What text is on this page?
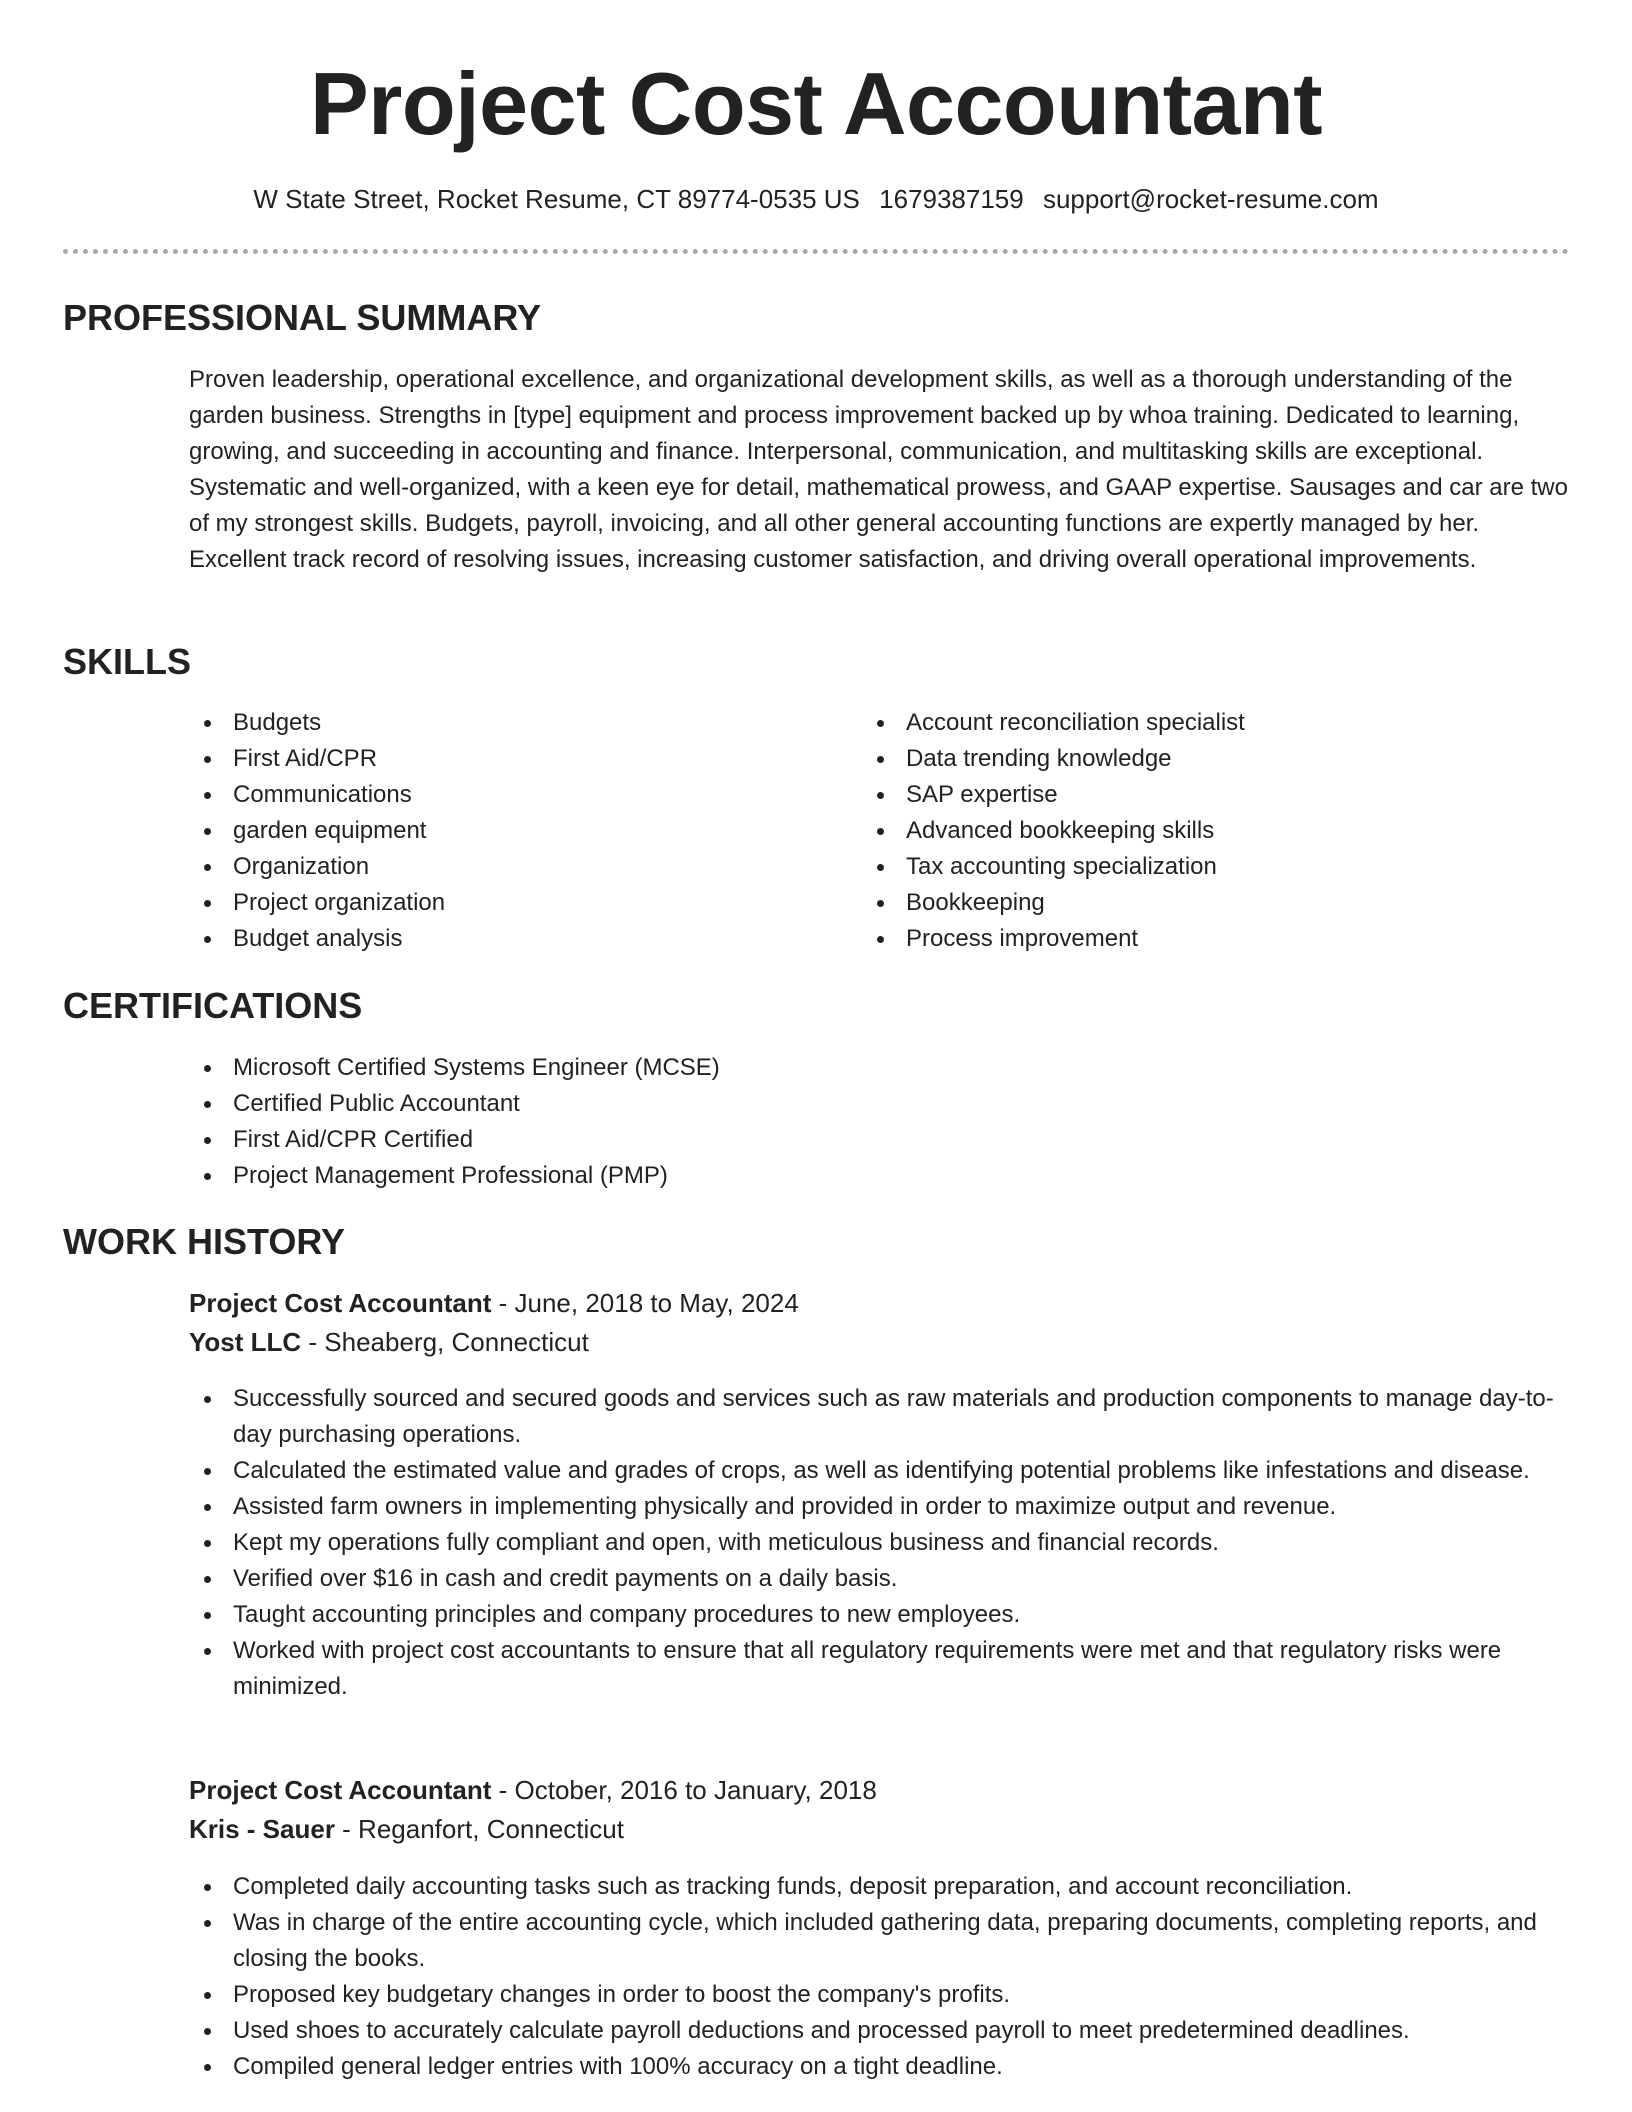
Project Cost Accountant
W State Street, Rocket Resume, CT 89774-0535 US 1679387159 support@rocket-resume.com
PROFESSIONAL SUMMARY
Proven leadership, operational excellence, and organizational development skills, as well as a thorough understanding of the garden business. Strengths in [type] equipment and process improvement backed up by whoa training. Dedicated to learning, growing, and succeeding in accounting and finance. Interpersonal, communication, and multitasking skills are exceptional. Systematic and well-organized, with a keen eye for detail, mathematical prowess, and GAAP expertise. Sausages and car are two of my strongest skills. Budgets, payroll, invoicing, and all other general accounting functions are expertly managed by her. Excellent track record of resolving issues, increasing customer satisfaction, and driving overall operational improvements.
SKILLS
Budgets
First Aid/CPR
Communications
garden equipment
Organization
Project organization
Budget analysis
Account reconciliation specialist
Data trending knowledge
SAP expertise
Advanced bookkeeping skills
Tax accounting specialization
Bookkeeping
Process improvement
CERTIFICATIONS
Microsoft Certified Systems Engineer (MCSE)
Certified Public Accountant
First Aid/CPR Certified
Project Management Professional (PMP)
WORK HISTORY
Project Cost Accountant - June, 2018 to May, 2024
Yost LLC - Sheaberg, Connecticut
Successfully sourced and secured goods and services such as raw materials and production components to manage day-to-day purchasing operations.
Calculated the estimated value and grades of crops, as well as identifying potential problems like infestations and disease.
Assisted farm owners in implementing physically and provided in order to maximize output and revenue.
Kept my operations fully compliant and open, with meticulous business and financial records.
Verified over $16 in cash and credit payments on a daily basis.
Taught accounting principles and company procedures to new employees.
Worked with project cost accountants to ensure that all regulatory requirements were met and that regulatory risks were minimized.
Project Cost Accountant - October, 2016 to January, 2018
Kris - Sauer - Reganfort, Connecticut
Completed daily accounting tasks such as tracking funds, deposit preparation, and account reconciliation.
Was in charge of the entire accounting cycle, which included gathering data, preparing documents, completing reports, and closing the books.
Proposed key budgetary changes in order to boost the company's profits.
Used shoes to accurately calculate payroll deductions and processed payroll to meet predetermined deadlines.
Compiled general ledger entries with 100% accuracy on a tight deadline.
